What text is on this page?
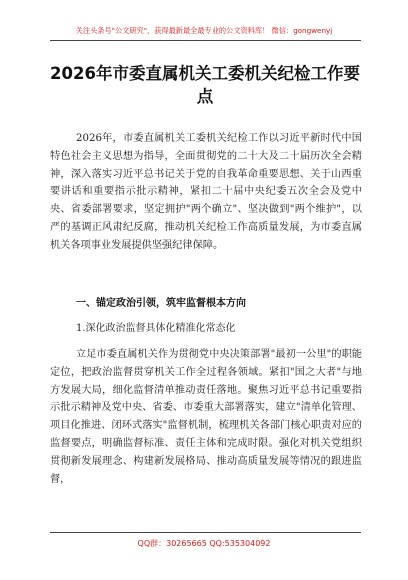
关注头条号"公文研究"，获得最新最全最专业的公文资料库！ 微信：gongwenyj
2026年市委直属机关工委机关纪检工作要点
2026年，市委直属机关工委机关纪检工作以习近平新时代中国特色社会主义思想为指导，全面贯彻党的二十大及二十届历次全会精神，深入落实习近平总书记关于党的自我革命重要思想、关于山西重要讲话和重要指示批示精神，紧扣二十届中央纪委五次全会及党中央、省委部署要求，坚定拥护"两个确立"、坚决做到"两个维护"，以严的基调正风肃纪反腐，推动机关纪检工作高质量发展，为市委直属机关各项事业发展提供坚强纪律保障。
一、锚定政治引领，筑牢监督根本方向
1.深化政治监督具体化精准化常态化
立足市委直属机关作为贯彻党中央决策部署"最初一公里"的职能定位，把政治监督贯穿机关工作全过程各领域。紧扣"国之大者"与地方发展大局，细化监督清单推动责任落地。聚焦习近平总书记重要指示批示精神及党中央、省委、市委重大部署落实，建立"清单化管理、项目化推进、闭环式落实"监督机制，梳理机关各部门核心职责对应的监督要点，明确监督标准、责任主体和完成时限。强化对机关党组织贯彻新发展理念、构建新发展格局、推动高质量发展等情况的跟进监督，
QQ群：30265665 QQ:535304092
